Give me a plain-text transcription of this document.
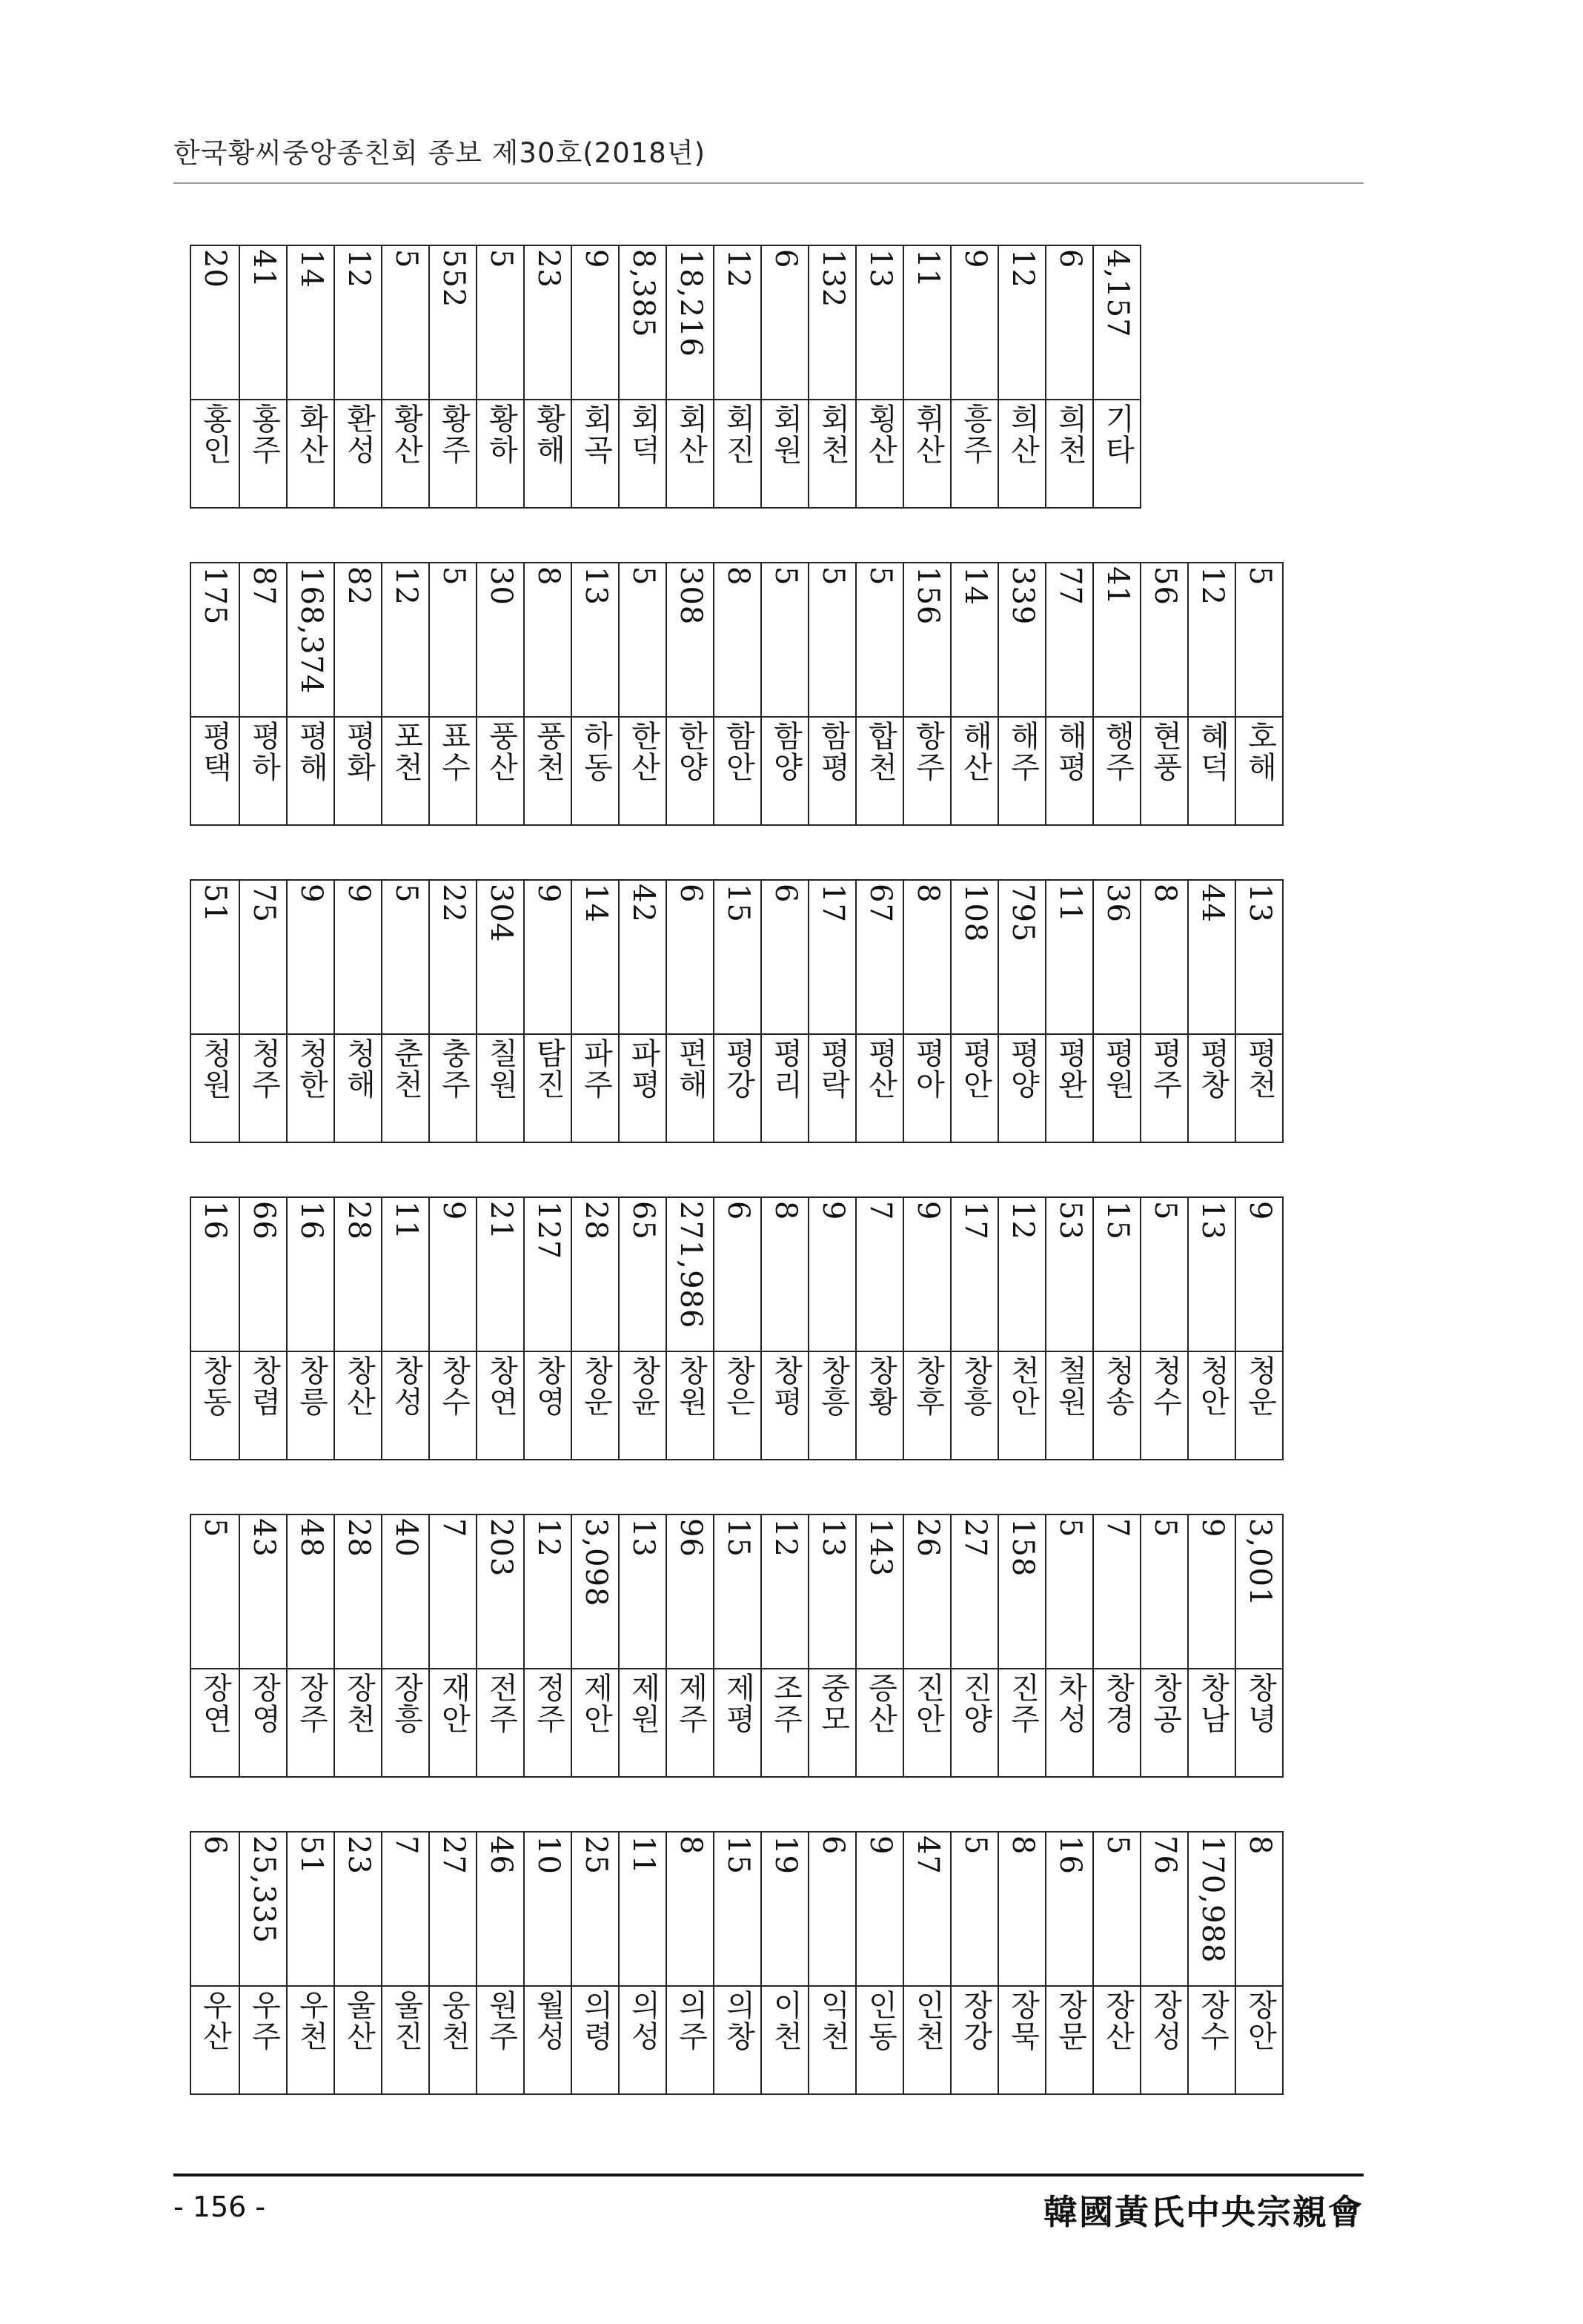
한국황씨중앙종친회 종보 제30호(2018년)
20
홍인
41
홍주
14
화산
12
환성
5
황산
552
황주
5
황하
23
황해
9
회곡
8,385
회덕
18,216
회산
12
회진
6
회원
132
회천
13
횡산
11
휘산
9
흥주
12
희산
6
희천
4,157
기타
175
평택
87
평하
168,374
평해
82
평화
12
포천
5
표수
30
풍산
8
풍천
13
하동
5
한산
308
한양
8
함안
5
함양
5
함평
5
합천
156
항주
14
해산
339
해주
77
해평
41
행주
56
현풍
12
혜덕
5
호해
51
청원
75
청주
9
청한
9
청해
5
춘천
22
충주
304
칠원
9
탐진
14
파주
42
파평
6
편해
15
평강
6
평리
17
평락
67
평산
8
평아
108
평안
795
평양
11
평완
36
평원
8
평주
44
평창
13
평천
16
창동
66
창렴
16
창릉
28
창산
11
창성
9
창수
21
창연
127
창영
28
창운
65
창윤
271,986
창원
6
창은
8
창평
9
창흥
7
창황
9
창후
17
창흥
12
천안
53
철원
15
청송
5
청수
13
청안
9
청운
5
장연
43
장영
48
장주
28
장천
40
장흥
7
재안
203
전주
12
정주
3,098
제안
13
제원
96
제주
15
제평
12
조주
13
중모
143
증산
26
진안
27
진양
158
진주
5
차성
7
창경
5
창공
9
창남
3,001
창녕
6
우산
25,335
우주
51
우천
23
울산
7
울진
27
웅천
46
원주
10
월성
25
의령
11
의성
8
의주
15
의창
19
이천
6
익천
9
인동
47
인천
5
장강
8
장묵
16
장문
5
장산
76
장성
170,988
장수
8
장안
- 156 -	韓國黃氏中央宗親會
